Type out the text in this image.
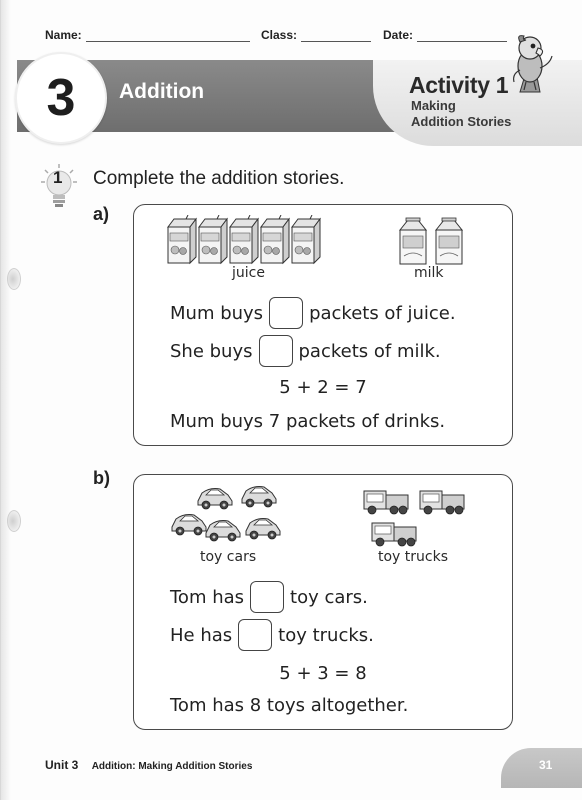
Name:	Class:	Date:
3 Addition	Activity 1
Making
Addition Stories
1 Complete the addition stories.
a)
juice	milk
Mum buys	packets of juice.
She buys	packets of milk.
5 + 2 = 7
Mum buys 7 packets of drinks.
b)
toy cars	toy trucks
Tom has	toy cars.
He has	toy trucks.
5 + 3 = 8
Tom has 8 toys altogether.
Unit 3 Addition: Making Addition Stories	31
